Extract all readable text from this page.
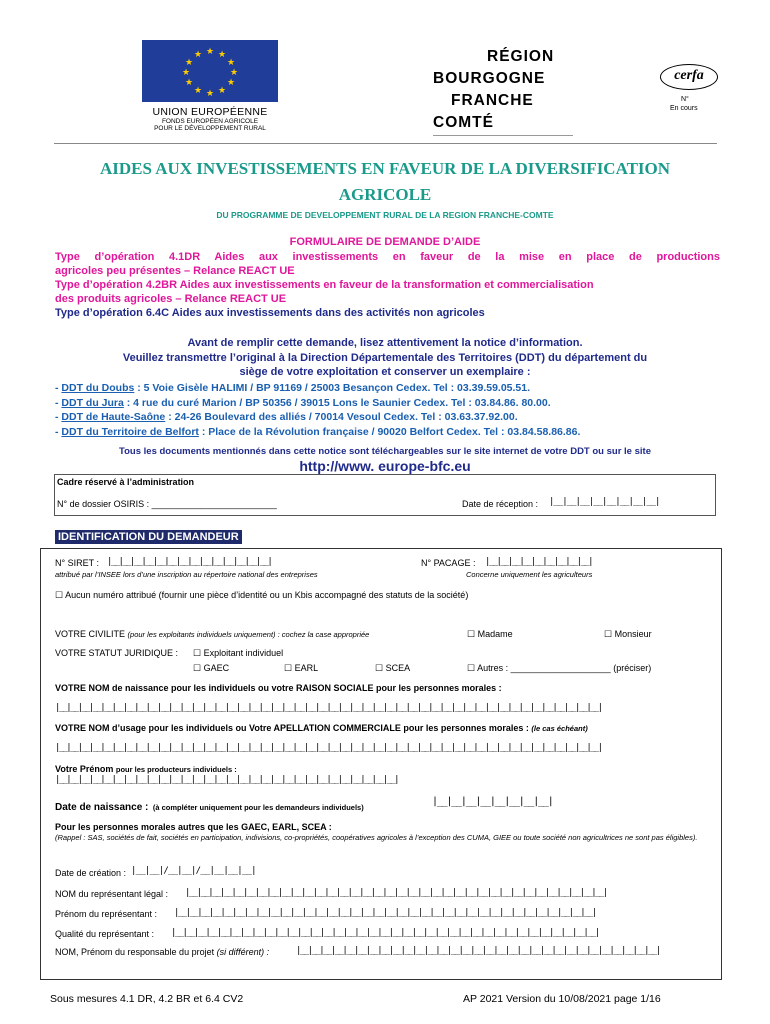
★ ★
★
★
★
★
★
★
★
★
★
★
UNION EUROPÉENNE
FONDS EUROPÉEN AGRICOLE
POUR LE DÉVELOPPEMENT RURAL
RÉGION
BOURGOGNE
FRANCHE
COMTÉ
cerfa
N°
En cours
AIDES AUX INVESTISSEMENTS EN FAVEUR DE LA DIVERSIFICATION
AGRICOLE
DU PROGRAMME DE DEVELOPPEMENT RURAL DE LA REGION FRANCHE-COMTE
FORMULAIRE DE DEMANDE D’AIDE
Type d’opération 4.1DR Aides aux investissements en faveur de la mise en place de productions
agricoles peu présentes – Relance REACT UE
Type d’opération 4.2BR Aides aux investissements en faveur de la transformation et commercialisation
des produits agricoles – Relance REACT UE
Type d’opération 6.4C Aides aux investissements dans des activités non agricoles
Avant de remplir cette demande, lisez attentivement la notice d’information.
Veuillez transmettre l’original à la Direction Départementale des Territoires (DDT) du département du
siège de votre exploitation et conserver un exemplaire :
- DDT du Doubs : 5 Voie Gisèle HALIMI / BP 91169 / 25003 Besançon Cedex. Tel : 03.39.59.05.51.
- DDT du Jura : 4 rue du curé Marion / BP 50356 / 39015 Lons le Saunier Cedex. Tel : 03.84.86. 80.00.
- DDT de Haute-Saône : 24-26 Boulevard des alliés / 70014 Vesoul Cedex. Tel : 03.63.37.92.00.
- DDT du Territoire de Belfort : Place de la Révolution française / 90020 Belfort Cedex. Tel : 03.84.58.86.86.
Tous les documents mentionnés dans cette notice sont téléchargeables sur le site internet de votre DDT ou sur le site
http://www. europe-bfc.eu
Cadre réservé à l’administration
N° de dossier OSIRIS : _________________________	Date de réception : |__|__|__|__|__|__|__|__|
IDENTIFICATION DU DEMANDEUR
N° SIRET : |__|__|__|__|__|__|__|__|__|__|__|__|__|__|
attribué par l’INSEE lors d’une inscription au répertoire national des entreprises
N° PACAGE : |__|__|__|__|__|__|__|__|__|
Concerne uniquement les agriculteurs
☐ Aucun numéro attribué (fournir une pièce d’identité ou un Kbis accompagné des statuts de la société)
VOTRE CIVILITE (pour les exploitants individuels uniquement) : cochez la case appropriée	☐ Madame	☐ Monsieur
VOTRE STATUT JURIDIQUE : ☐ Exploitant individuel
☐ GAEC	☐ EARL	☐ SCEA	☐ Autres : ____________________ (préciser)
VOTRE NOM de naissance pour les individuels ou votre RAISON SOCIALE pour les personnes morales :
|__|__|__|__|__|__|__|__|__|__|__|__|__|__|__|__|__|__|__|__|__|__|__|__|__|__|__|__|__|__|__|__|__|__|__|__|__|__|__|__|__|__|__|__|__|__|__|__|
VOTRE NOM d’usage pour les individuels ou Votre APELLATION COMMERCIALE pour les personnes morales : (le cas échéant)
|__|__|__|__|__|__|__|__|__|__|__|__|__|__|__|__|__|__|__|__|__|__|__|__|__|__|__|__|__|__|__|__|__|__|__|__|__|__|__|__|__|__|__|__|__|__|__|__|
Votre Prénom pour les producteurs individuels :
|__|__|__|__|__|__|__|__|__|__|__|__|__|__|__|__|__|__|__|__|__|__|__|__|__|__|__|__|__|__|
Date de naissance : (à compléter uniquement pour les demandeurs individuels)
|__|__|__|__|__|__|__|__|
Pour les personnes morales autres que les GAEC, EARL, SCEA :
(Rappel : SAS, sociétés de fait, sociétés en participation, indivisions, co-propriétés, coopératives agricoles à l’exception des CUMA, GIEE ou toute société non agricultrices ne sont pas éligibles).
Date de création : |__|__|/__|__|/__|__|__|__|
NOM du représentant légal : |__|__|__|__|__|__|__|__|__|__|__|__|__|__|__|__|__|__|__|__|__|__|__|__|__|__|__|__|__|__|__|__|__|__|__|__|
Prénom du représentant : |__|__|__|__|__|__|__|__|__|__|__|__|__|__|__|__|__|__|__|__|__|__|__|__|__|__|__|__|__|__|__|__|__|__|__|__|
Qualité du représentant : |__|__|__|__|__|__|__|__|__|__|__|__|__|__|__|__|__|__|__|__|__|__|__|__|__|__|__|__|__|__|__|__|__|__|__|__|__|
NOM, Prénom du responsable du projet (si différent) :	|__|__|__|__|__|__|__|__|__|__|__|__|__|__|__|__|__|__|__|__|__|__|__|__|__|__|__|__|__|__|__|
Sous mesures 4.1 DR, 4.2 BR et 6.4 CV2	AP 2021 Version du 10/08/2021 page 1/16
